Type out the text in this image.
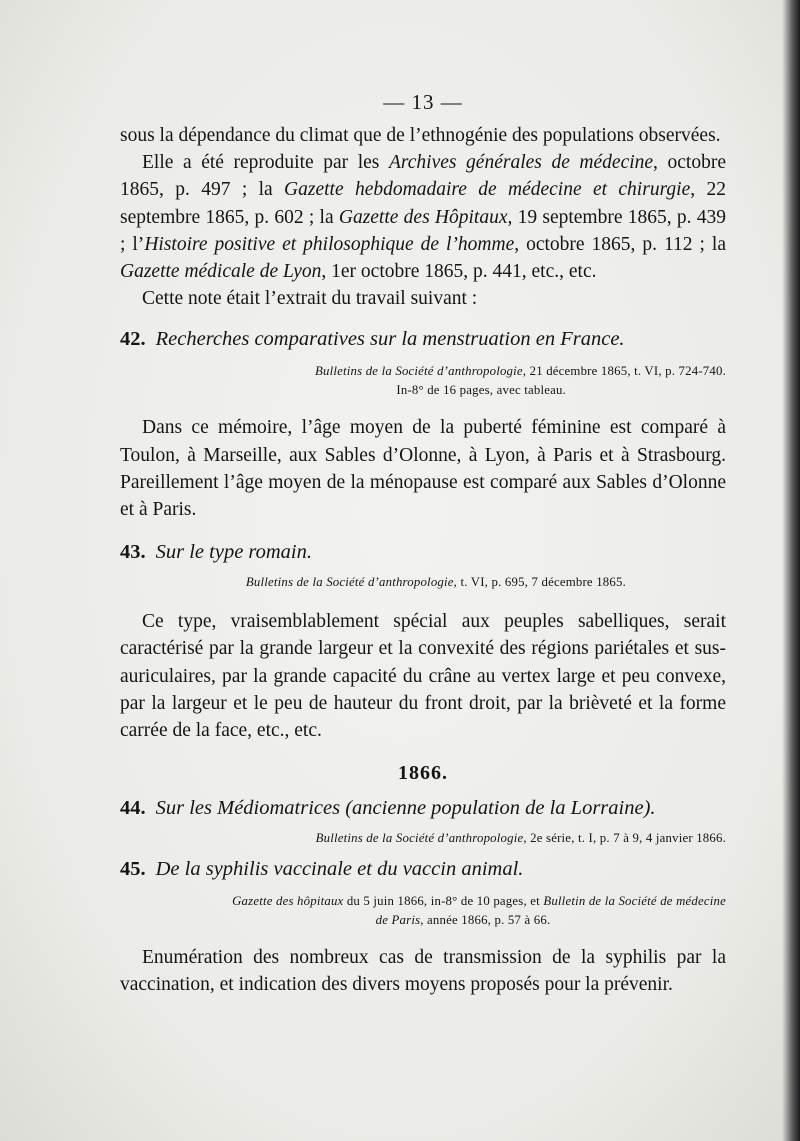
— 13 —

sous la dépendance du climat que de l’ethnogénie des populations observées.

Elle a été reproduite par les Archives générales de médecine, octobre 1865, p. 497 ; la Gazette hebdomadaire de médecine et chirurgie, 22 septembre 1865, p. 602 ; la Gazette des Hôpitaux, 19 septembre 1865, p. 439 ; l’Histoire positive et philosophique de l’homme, octobre 1865, p. 112 ; la Gazette médicale de Lyon, 1er octobre 1865, p. 441, etc., etc.

Cette note était l’extrait du travail suivant :

42. Recherches comparatives sur la menstruation en France.

Bulletins de la Société d’anthropologie, 21 décembre 1865, t. VI, p. 724-740.

In-8° de 16 pages, avec tableau.

Dans ce mémoire, l’âge moyen de la puberté féminine est comparé à Toulon, à Marseille, aux Sables d’Olonne, à Lyon, à Paris et à Strasbourg. Pareillement l’âge moyen de la ménopause est comparé aux Sables d’Olonne et à Paris.

43. Sur le type romain.

Bulletins de la Société d’anthropologie, t. VI, p. 695, 7 décembre 1865.

Ce type, vraisemblablement spécial aux peuples sabelliques, serait caractérisé par la grande largeur et la convexité des régions pariétales et sus-auriculaires, par la grande capacité du crâne au vertex large et peu convexe, par la largeur et le peu de hauteur du front droit, par la brièveté et la forme carrée de la face, etc., etc.

1866.

44. Sur les Médiomatrices (ancienne population de la Lorraine).

Bulletins de la Société d’anthropologie, 2e série, t. I, p. 7 à 9, 4 janvier 1866.

45. De la syphilis vaccinale et du vaccin animal.

Gazette des hôpitaux du 5 juin 1866, in-8° de 10 pages, et Bulletin de la Société de médecine

de Paris, année 1866, p. 57 à 66.

Enumération des nombreux cas de transmission de la syphilis par la vaccination, et indication des divers moyens proposés pour la prévenir.
